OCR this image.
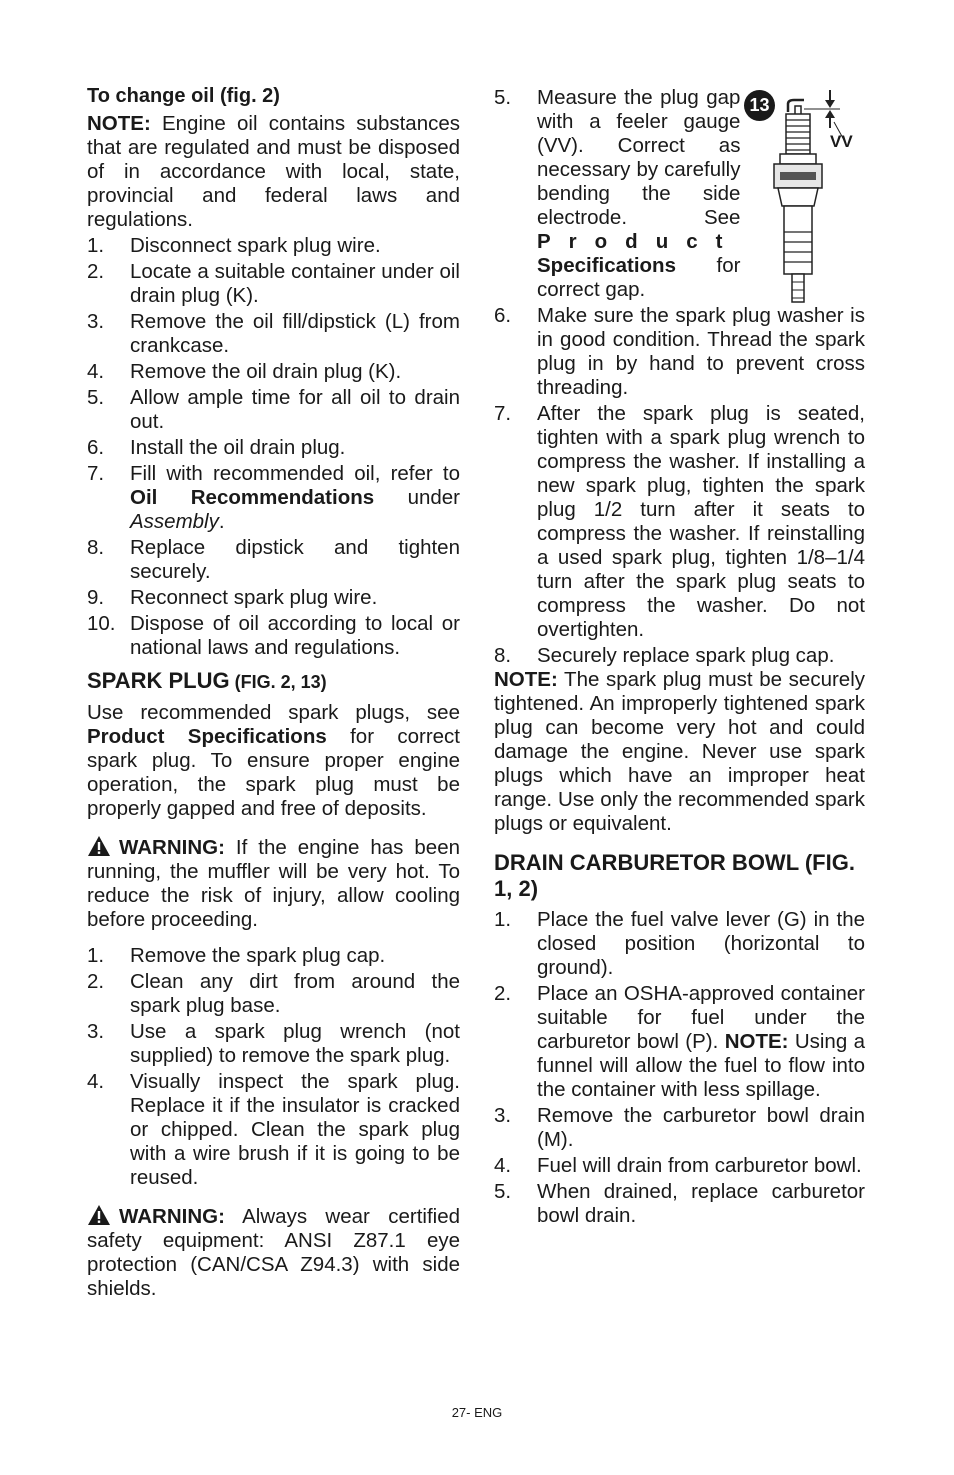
To change oil (fig. 2)

NOTE: Engine oil contains substances that are regulated and must be disposed of in accordance with local, state, provincial and federal laws and regulations.

1.	Disconnect spark plug wire.
2.	Locate a suitable container under oil drain plug (K).
3.	Remove the oil fill/dipstick (L) from crankcase.
4.	Remove the oil drain plug (K).
5.	Allow ample time for all oil to drain out.
6.	Install the oil drain plug.
7.	Fill with recommended oil, refer to Oil Recommendations under Assembly.
8.	Replace dipstick and tighten securely.
9.	Reconnect spark plug wire.
10. Dispose of oil according to local or national laws and regulations.
SPARK PLUG (FIG. 2, 13)

Use recommended spark plugs, see Product Specifications for correct spark plug. To ensure proper engine operation, the spark plug must be properly gapped and free of deposits.

WARNING: If the engine has been running, the muffler will be very hot. To reduce the risk of injury, allow cooling before proceeding.

1.	Remove the spark plug cap.
2.	Clean any dirt from around the spark plug base.
3.	Use a spark plug wrench (not supplied) to remove the spark plug.
4.	Visually inspect the spark plug. Replace it if the insulator is cracked or chipped. Clean the spark plug with a wire brush if it is going to be reused.

WARNING: Always wear certified safety equipment: ANSI Z87.1 eye protection (CAN/CSA Z94.3) with side shields.

5.	Measure the plug gap with a feeler gauge (VV). Correct as necessary by carefully bending the side electrode. See Product Specifications for correct gap.
6.	Make sure the spark plug washer is in good condition. Thread the spark plug in by hand to prevent cross threading.
7.	After the spark plug is seated, tighten with a spark plug wrench to compress the washer. If installing a new spark plug, tighten the spark plug 1/2 turn after it seats to compress the washer. If reinstalling a used spark plug, tighten 1/8–1/4 turn after the spark plug seats to compress the washer. Do not overtighten.
8.	Securely replace spark plug cap.

NOTE: The spark plug must be securely tightened. An improperly tightened spark plug can become very hot and could damage the engine. Never use spark plugs which have an improper heat range. Use only the recommended spark plugs or equivalent.

DRAIN CARBURETOR BOWL (FIG. 1, 2)
1.	Place the fuel valve lever (G) in the closed position (horizontal to ground).
2.	Place an OSHA-approved container suitable for fuel under the carburetor bowl (P). NOTE: Using a funnel will allow the fuel to flow into the container with less spillage.
3.	Remove the carburetor bowl drain (M).
4.	Fuel will drain from carburetor bowl.
5.	When drained, replace carburetor bowl drain.
13
VV
27- ENG
